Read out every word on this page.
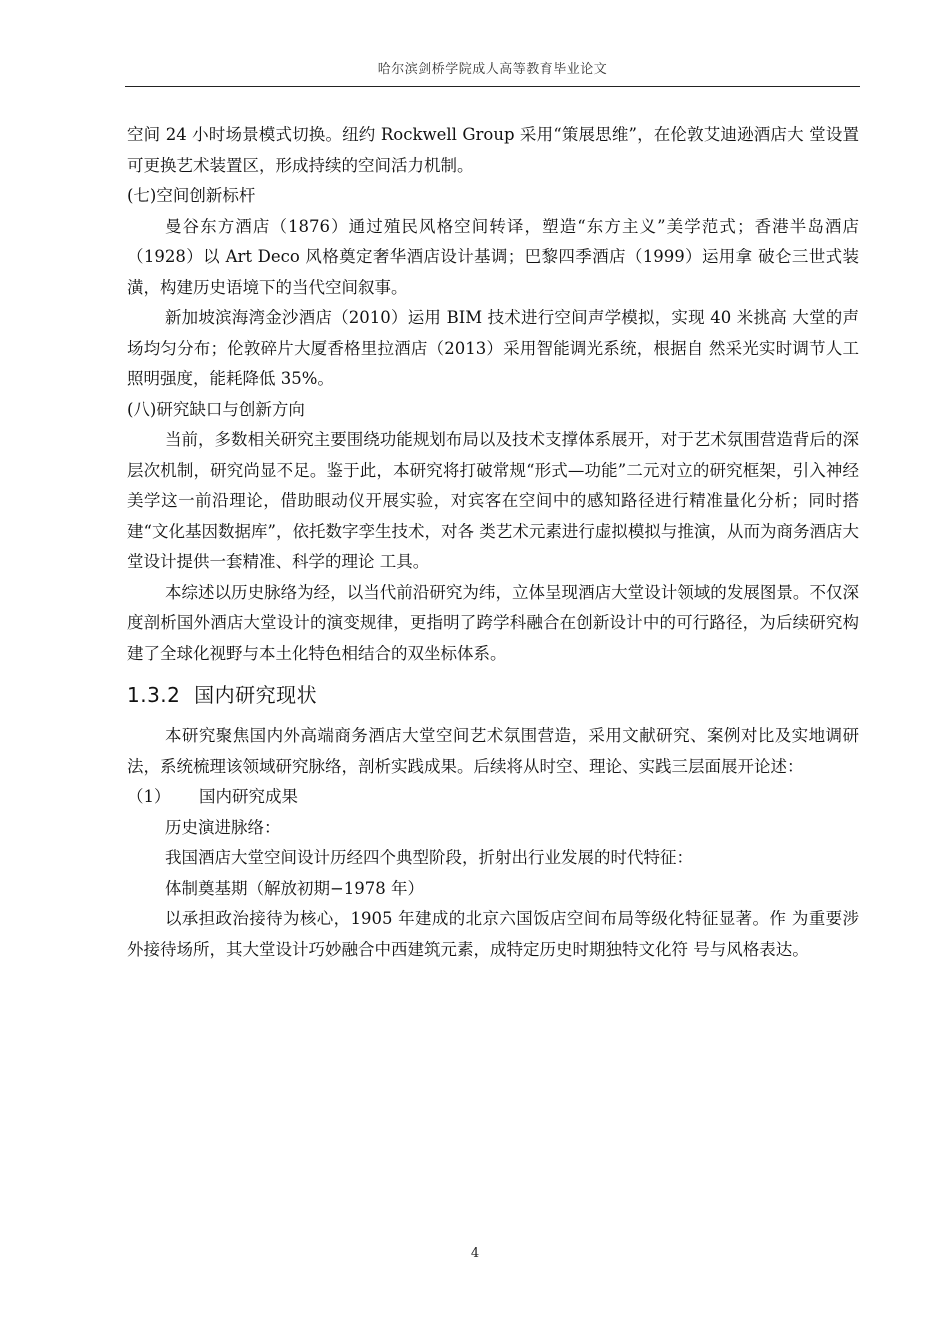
哈尔滨剑桥学院成人高等教育毕业论文

空间 24 小时场景模式切换。纽约 Rockwell Group 采用“策展思维”，在伦敦艾迪逊酒店大 堂设置可更换艺术装置区，形成持续的空间活力机制。

(七)空间创新标杆

曼谷东方酒店（1876）通过殖民风格空间转译，塑造“东方主义”美学范式；香港半岛酒店（1928）以 Art Deco 风格奠定奢华酒店设计基调；巴黎四季酒店（1999）运用拿 破仑三世式装潢，构建历史语境下的当代空间叙事。

新加坡滨海湾金沙酒店（2010）运用 BIM 技术进行空间声学模拟，实现 40 米挑高 大堂的声场均匀分布；伦敦碎片大厦香格里拉酒店（2013）采用智能调光系统，根据自 然采光实时调节人工照明强度，能耗降低 35%。

(八)研究缺口与创新方向

当前，多数相关研究主要围绕功能规划布局以及技术支撑体系展开，对于艺术氛围营造背后的深层次机制，研究尚显不足。鉴于此，本研究将打破常规“形式—功能”二元对立的研究框架，引入神经美学这一前沿理论，借助眼动仪开展实验，对宾客在空间中的感知路径进行精准量化分析；同时搭建“文化基因数据库”，依托数字孪生技术，对各 类艺术元素进行虚拟模拟与推演，从而为商务酒店大堂设计提供一套精准、科学的理论 工具。

本综述以历史脉络为经，以当代前沿研究为纬，立体呈现酒店大堂设计领域的发展图景。不仅深度剖析国外酒店大堂设计的演变规律，更指明了跨学科融合在创新设计中的可行路径，为后续研究构建了全球化视野与本土化特色相结合的双坐标体系。

1.3.2 国内研究现状

本研究聚焦国内外高端商务酒店大堂空间艺术氛围营造，采用文献研究、案例对比及实地调研法，系统梳理该领域研究脉络，剖析实践成果。后续将从时空、理论、实践三层面展开论述：

（1） 国内研究成果

历史演进脉络：

我国酒店大堂空间设计历经四个典型阶段，折射出行业发展的时代特征：

体制奠基期（解放初期−1978 年）

以承担政治接待为核心，1905 年建成的北京六国饭店空间布局等级化特征显著。作 为重要涉外接待场所，其大堂设计巧妙融合中西建筑元素，成特定历史时期独特文化符 号与风格表达。

4
